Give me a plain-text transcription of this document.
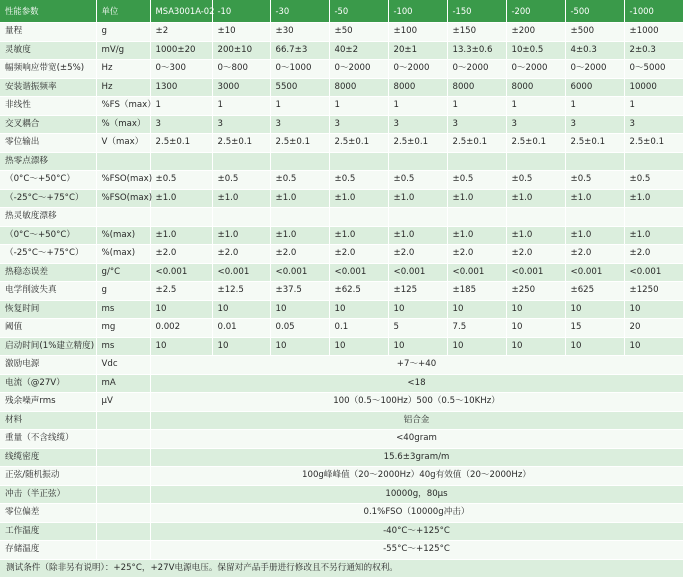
性能参数	单位	MSA3001A-02	-10	-30	-50	-100	-150	-200	-500	-1000
量程	g	±2	±10	±30	±50	±100	±150	±200	±500	±1000
灵敏度	mV/g	1000±20	200±10	66.7±3	40±2	20±1	13.3±0.6	10±0.5	4±0.3	2±0.3
幅频响应带宽(±5%)	Hz	0～300	0～800	0～1000	0～2000	0～2000	0～2000	0～2000	0～2000	0～5000
安装谐振频率	Hz	1300	3000	5500	8000	8000	8000	8000	6000	10000
非线性	%FS（max）	1	1	1	1	1	1	1	1	1
交叉耦合	%（max）	3	3	3	3	3	3	3	3	3
零位输出	V（max）	2.5±0.1	2.5±0.1	2.5±0.1	2.5±0.1	2.5±0.1	2.5±0.1	2.5±0.1	2.5±0.1	2.5±0.1
热零点漂移										
（0°C～+50°C）	%FSO(max)	±0.5	±0.5	±0.5	±0.5	±0.5	±0.5	±0.5	±0.5	±0.5
（-25°C～+75°C）	%FSO(max)	±1.0	±1.0	±1.0	±1.0	±1.0	±1.0	±1.0	±1.0	±1.0
热灵敏度漂移										
（0°C～+50°C）	%(max)	±1.0	±1.0	±1.0	±1.0	±1.0	±1.0	±1.0	±1.0	±1.0
（-25°C～+75°C）	%(max)	±2.0	±2.0	±2.0	±2.0	±2.0	±2.0	±2.0	±2.0	±2.0
热稳态误差	g/°C	<0.001	<0.001	<0.001	<0.001	<0.001	<0.001	<0.001	<0.001	<0.001
电学削波失真	g	±2.5	±12.5	±37.5	±62.5	±125	±185	±250	±625	±1250
恢复时间	ms	10	10	10	10	10	10	10	10	10
阈值	mg	0.002	0.01	0.05	0.1	5	7.5	10	15	20
启动时间(1%建立精度)	ms	10	10	10	10	10	10	10	10	10
激励电源	Vdc	+7～+40								
电流（@27V）	mA	<18								
残余噪声rms	μV	100（0.5～100Hz）500（0.5～10KHz）								
材料		铝合金								
重量（不含线缆）		<40gram								
线缆密度		15.6±3gram/m								
正弦/随机振动		100g峰峰值（20～2000Hz）40g有效值（20～2000Hz）								
冲击（半正弦）		10000g，80μs								
零位偏差		0.1%FSO（10000g冲击）								
工作温度		-40°C～+125°C								
存储温度		-55°C～+125°C								
测试条件（除非另有说明）：+25°C，+27V电源电压。保留对产品手册进行修改且不另行通知的权利。										
